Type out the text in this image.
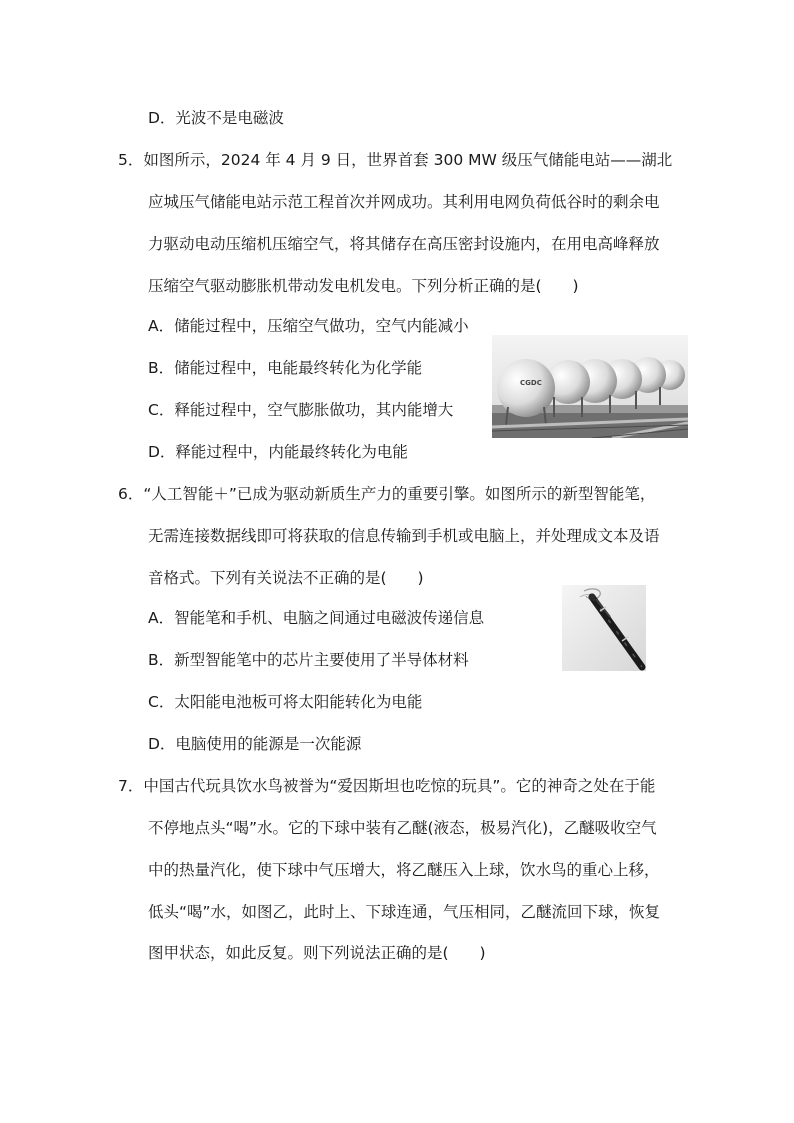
D．光波不是电磁波
5．如图所示，2024 年 4 月 9 日，世界首套 300 MW 级压气储能电站——湖北
应城压气储能电站示范工程首次并网成功。其利用电网负荷低谷时的剩余电
力驱动电动压缩机压缩空气，将其储存在高压密封设施内，在用电高峰释放
压缩空气驱动膨胀机带动发电机发电。下列分析正确的是(　　)
A．储能过程中，压缩空气做功，空气内能减小
B．储能过程中，电能最终转化为化学能
C．释能过程中，空气膨胀做功，其内能增大
D．释能过程中，内能最终转化为电能
CGDC
6．“人工智能＋”已成为驱动新质生产力的重要引擎。如图所示的新型智能笔，
无需连接数据线即可将获取的信息传输到手机或电脑上，并处理成文本及语
音格式。下列有关说法不正确的是(　　)
A．智能笔和手机、电脑之间通过电磁波传递信息
B．新型智能笔中的芯片主要使用了半导体材料
C．太阳能电池板可将太阳能转化为电能
D．电脑使用的能源是一次能源
7．中国古代玩具饮水鸟被誉为“爱因斯坦也吃惊的玩具”。它的神奇之处在于能
不停地点头“喝”水。它的下球中装有乙醚(液态，极易汽化)，乙醚吸收空气
中的热量汽化，使下球中气压增大，将乙醚压入上球，饮水鸟的重心上移，
低头“喝”水，如图乙，此时上、下球连通，气压相同，乙醚流回下球，恢复
图甲状态，如此反复。则下列说法正确的是(　　)
